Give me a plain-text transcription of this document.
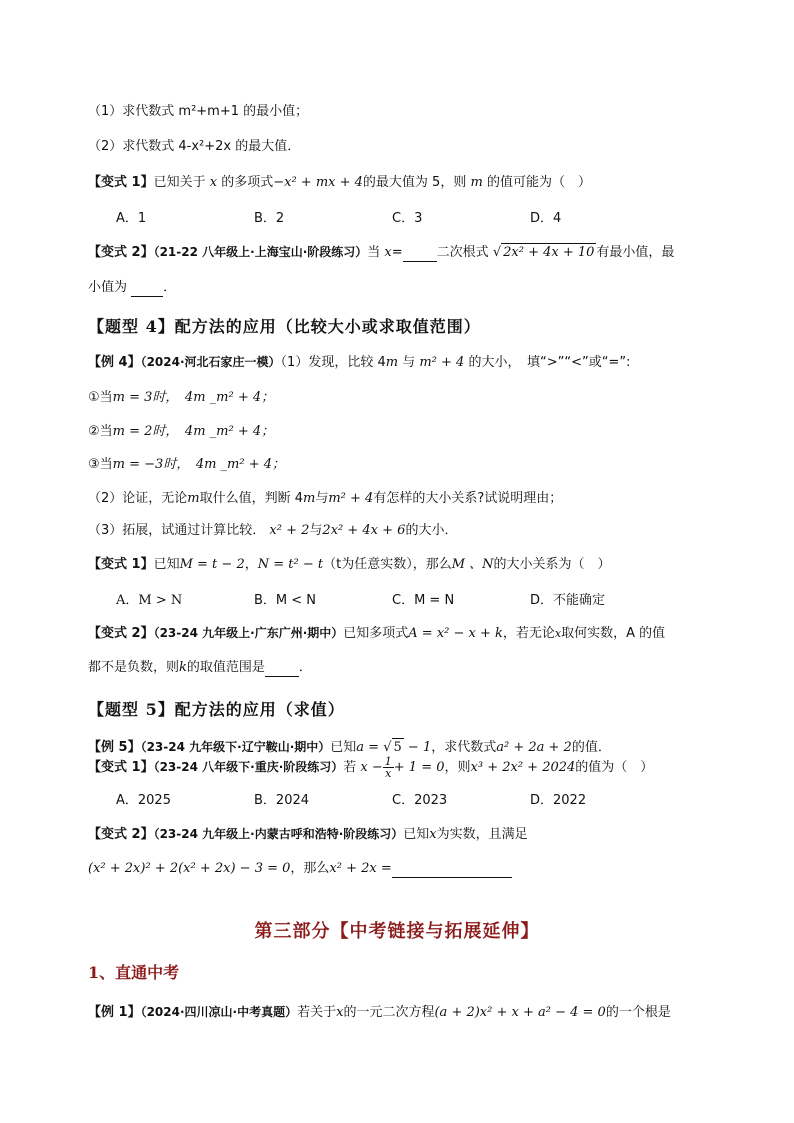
（1）求代数式 m²+m+1 的最小值；
（2）求代数式 4-x²+2x 的最大值．
【变式 1】已知关于 x 的多项式−x² + mx + 4的最大值为 5，则 m 的值可能为（　）
A．1	B．2	C．3	D．4
【变式 2】（21-22 八年级上·上海宝山·阶段练习）当 x=	二次根式 √ 2x² + 4x + 10 有最小值，最
小值为	．
【题型 4】配方法的应用（比较大小或求取值范围）
【例 4】（2024·河北石家庄一模）（1）发现，比较 4m 与 m² + 4 的大小，　填“>”“<”或“=”:
①当m = 3时，　4m _m² + 4；
②当m = 2时，　4m _m² + 4；
③当m = −3时，　4m _m² + 4；
（2）论证，无论m取什么值，判断 4m与m² + 4有怎样的大小关系?试说明理由；
（3）拓展，试通过计算比较． x² + 2与2x² + 4x + 6的大小．
【变式 1】已知M = t − 2，N = t² − t（t为任意实数），那么M 、N的大小关系为（　）
A．M > N	B．M < N	C．M = N	D．不能确定
【变式 2】（23-24 九年级上·广东广州·期中）已知多项式A = x² − x + k，若无论x取何实数，A 的值
都不是负数，则k的取值范围是	．
【题型 5】配方法的应用（求值）
【例 5】（23-24 九年级下·辽宁鞍山·期中）已知a = √ 5 − 1，求代数式a² + 2a + 2的值．
【变式 1】（23-24 八年级下·重庆·阶段练习）若 $x - \frac{1}{x} + 1 = 0$，则x³ + 2x² + 2024的值为（　）
A．2025	B．2024	C．2023	D．2022
【变式 2】（23-24 九年级上·内蒙古呼和浩特·阶段练习）已知x为实数，且满足
(x² + 2x)² + 2(x² + 2x) − 3 = 0，那么x² + 2x =
第三部分【中考链接与拓展延伸】
1、直通中考
【例 1】（2024·四川凉山·中考真题）若关于x的一元二次方程(a + 2)x² + x + a² − 4 = 0的一个根是
